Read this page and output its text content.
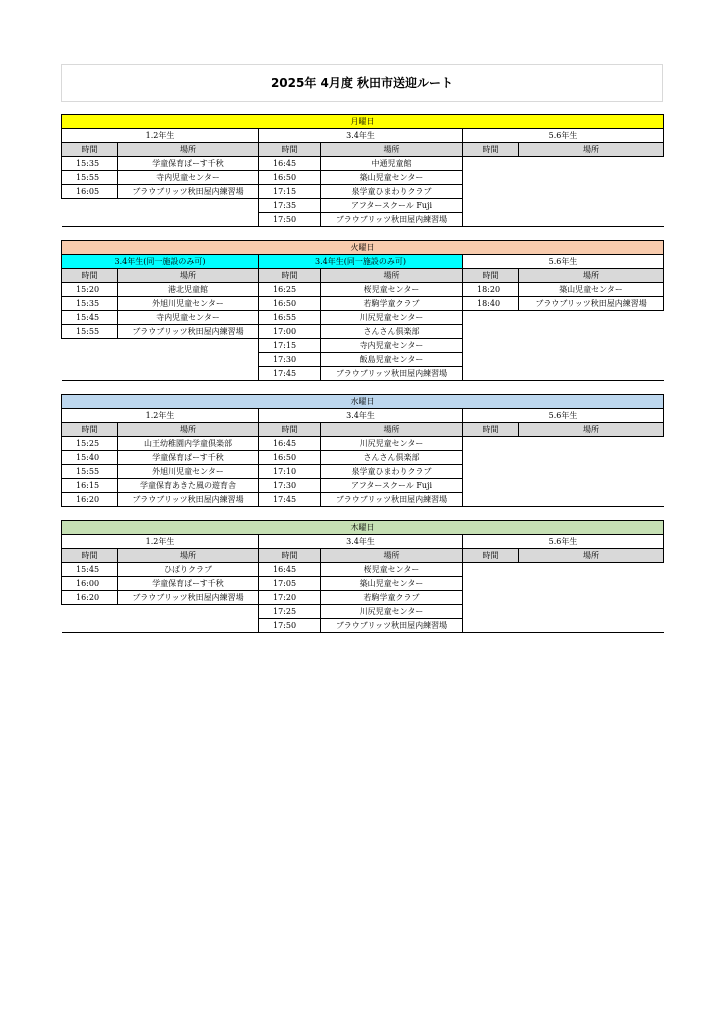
2025年 4月度 秋田市送迎ルート
月曜日					
1.2年生		3.4年生		5.6年生	
時間	場所	時間	場所	時間	場所
15:35	学童保育ぱーす千秋	16:45	中通児童館		
15:55	寺内児童センター	16:50	築山児童センター		
16:05	ブラウブリッツ秋田屋内練習場	17:15	泉学童ひまわりクラブ		
		17:35	アフタースクール Fuji		
		17:50	ブラウブリッツ秋田屋内練習場		

火曜日					
3.4年生(同一施設のみ可)		3.4年生(同一施設のみ可)		5.6年生	
時間	場所	時間	場所	時間	場所
15:20	港北児童館	16:25	桜児童センター	18:20	築山児童センター
15:35	外旭川児童センター	16:50	若駒学童クラブ	18:40	ブラウブリッツ秋田屋内練習場
15:45	寺内児童センター	16:55	川尻児童センター		
15:55	ブラウブリッツ秋田屋内練習場	17:00	さんさん倶楽部		
		17:15	寺内児童センター		
		17:30	飯島児童センター		
		17:45	ブラウブリッツ秋田屋内練習場		

水曜日					
1.2年生		3.4年生		5.6年生	
時間	場所	時間	場所	時間	場所
15:25	山王幼稚園内学童倶楽部	16:45	川尻児童センター		
15:40	学童保育ぱーす千秋	16:50	さんさん倶楽部		
15:55	外旭川児童センター	17:10	泉学童ひまわりクラブ		
16:15	学童保育あきた風の遊育舎	17:30	アフタースクール Fuji		
16:20	ブラウブリッツ秋田屋内練習場	17:45	ブラウブリッツ秋田屋内練習場		

木曜日					
1.2年生		3.4年生		5.6年生	
時間	場所	時間	場所	時間	場所
15:45	ひばりクラブ	16:45	桜児童センター		
16:00	学童保育ぱーす千秋	17:05	築山児童センター		
16:20	ブラウブリッツ秋田屋内練習場	17:20	若駒学童クラブ		
		17:25	川尻児童センター		
		17:50	ブラウブリッツ秋田屋内練習場		
